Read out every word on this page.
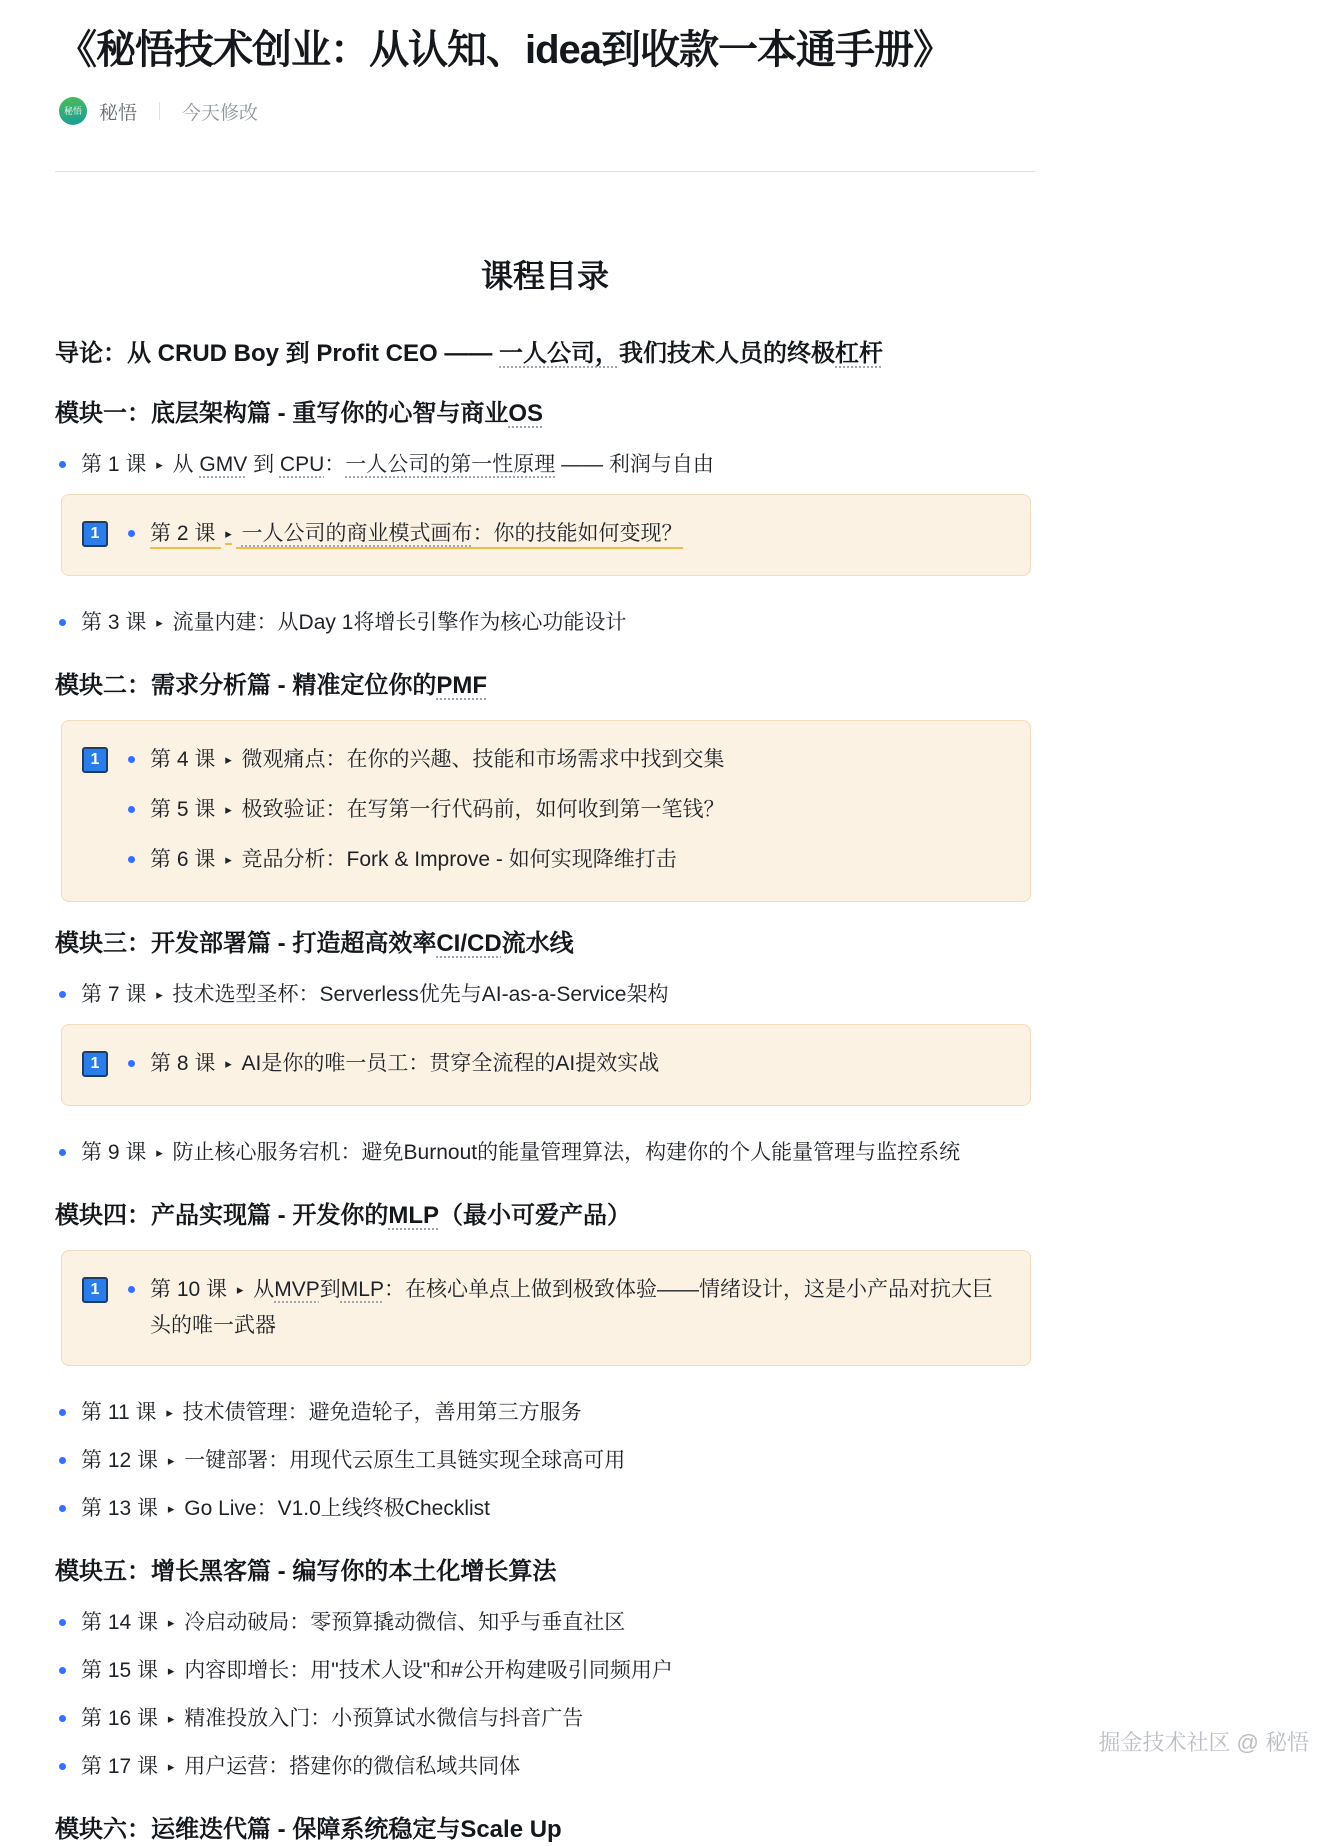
《秘悟技术创业：从认知、idea到收款一本通手册》
秘悟 秘悟 今天修改
课程目录
导论：从 CRUD Boy 到 Profit CEO —— 一人公司，我们技术人员的终极杠杆
模块一：底层架构篇 - 重写你的心智与商业OS
第 1 课 ▸ 从 GMV 到 CPU：一人公司的第一性原理 —— 利润与自由
1	第 2 课 ▸ 一人公司的商业模式画布：你的技能如何变现？
第 3 课 ▸ 流量内建：从Day 1将增长引擎作为核心功能设计
模块二：需求分析篇 - 精准定位你的PMF
1	第 4 课 ▸ 微观痛点：在你的兴趣、技能和市场需求中找到交集
第 5 课 ▸ 极致验证：在写第一行代码前，如何收到第一笔钱？
第 6 课 ▸ 竞品分析：Fork & Improve - 如何实现降维打击
模块三：开发部署篇 - 打造超高效率CI/CD流水线
第 7 课 ▸ 技术选型圣杯：Serverless优先与AI-as-a-Service架构
1	第 8 课 ▸ AI是你的唯一员工：贯穿全流程的AI提效实战
第 9 课 ▸ 防止核心服务宕机：避免Burnout的能量管理算法，构建你的个人能量管理与监控系统
模块四：产品实现篇 - 开发你的MLP（最小可爱产品）
1	第 10 课 ▸ 从MVP到MLP：在核心单点上做到极致体验——情绪设计，这是小产品对抗大巨头的唯一武器
第 11 课 ▸ 技术债管理：避免造轮子，善用第三方服务
第 12 课 ▸ 一键部署：用现代云原生工具链实现全球高可用
第 13 课 ▸ Go Live：V1.0上线终极Checklist
模块五：增长黑客篇 - 编写你的本土化增长算法
第 14 课 ▸ 冷启动破局：零预算撬动微信、知乎与垂直社区
第 15 课 ▸ 内容即增长：用"技术人设"和#公开构建吸引同频用户
第 16 课 ▸ 精准投放入门：小预算试水微信与抖音广告
第 17 课 ▸ 用户运营：搭建你的微信私域共同体
模块六：运维迭代篇 - 保障系统稳定与Scale Up
掘金技术社区 @ 秘悟
